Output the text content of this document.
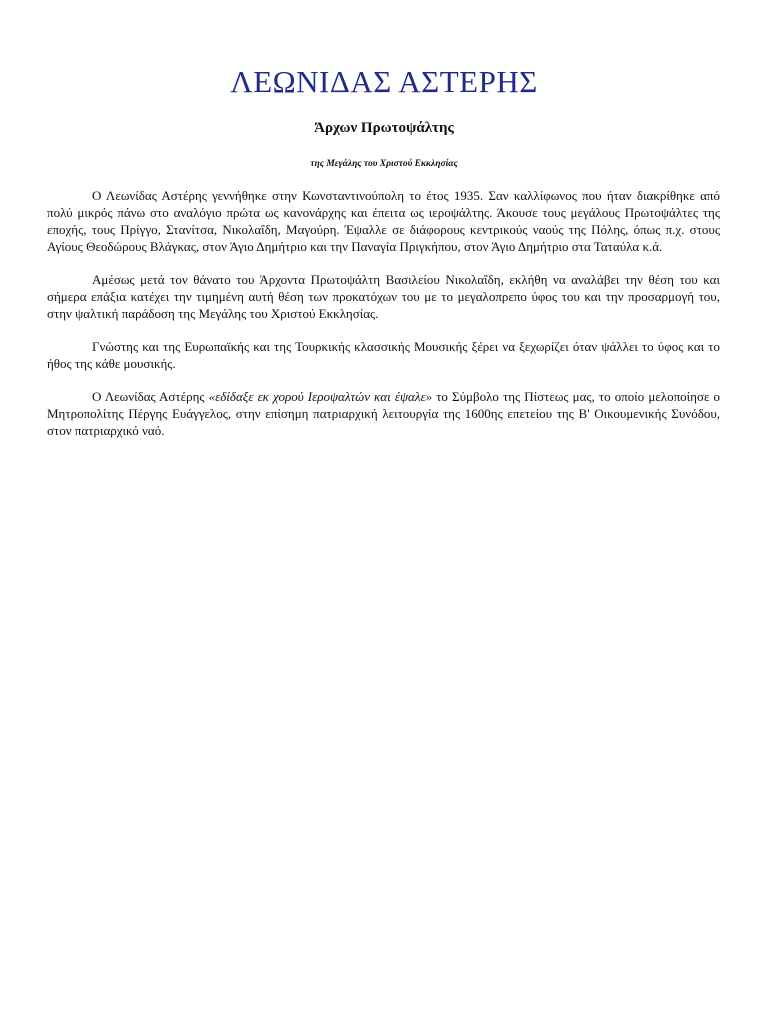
ΛΕΩΝΙΔΑΣ ΑΣΤΕΡΗΣ
Άρχων Πρωτοψάλτης
της Μεγάλης του Χριστού Εκκλησίας

Ο Λεωνίδας Αστέρης γεννήθηκε στην Κωνσταντινούπολη το έτος 1935. Σαν καλλίφωνος που ήταν διακρίθηκε από πολύ μικρός πάνω στο αναλόγιο πρώτα ως κανονάρχης και έπειτα ως ιεροψάλτης. Άκουσε τους μεγάλους Πρωτοψάλτες της εποχής, τους Πρίγγο, Στανίτσα, Νικολαΐδη, Μαγούρη. Έψαλλε σε διάφορους κεντρικούς ναούς της Πόλης, όπως π.χ. στους Αγίους Θεοδώρους Βλάγκας, στον Άγιο Δημήτριο και την Παναγία Πριγκήπου, στον Άγιο Δημήτριο στα Ταταύλα κ.ά.

Αμέσως μετά τον θάνατο του Άρχοντα Πρωτοψάλτη Βασιλείου Νικολαΐδη, εκλήθη να αναλάβει την θέση του και σήμερα επάξια κατέχει την τιμημένη αυτή θέση των προκατόχων του με το μεγαλοπρεπο ύφος του και την προσαρμογή του, στην ψαλτική παράδοση της Μεγάλης του Χριστού Εκκλησίας.

Γνώστης και της Ευρωπαϊκής και της Τουρκικής κλασσικής Μουσικής ξέρει να ξεχωρίζει όταν ψάλλει το ύφος και το ήθος της κάθε μουσικής.

Ο Λεωνίδας Αστέρης «εδίδαξε εκ χορού Ιεροψαλτών και έψαλε» το Σύμβολο της Πίστεως μας, το οποίο μελοποίησε ο Μητροπολίτης Πέργης Ευάγγελος, στην επίσημη πατριαρχική λειτουργία της 1600ης επετείου της Β' Οικουμενικής Συνόδου, στον πατριαρχικό ναό.
